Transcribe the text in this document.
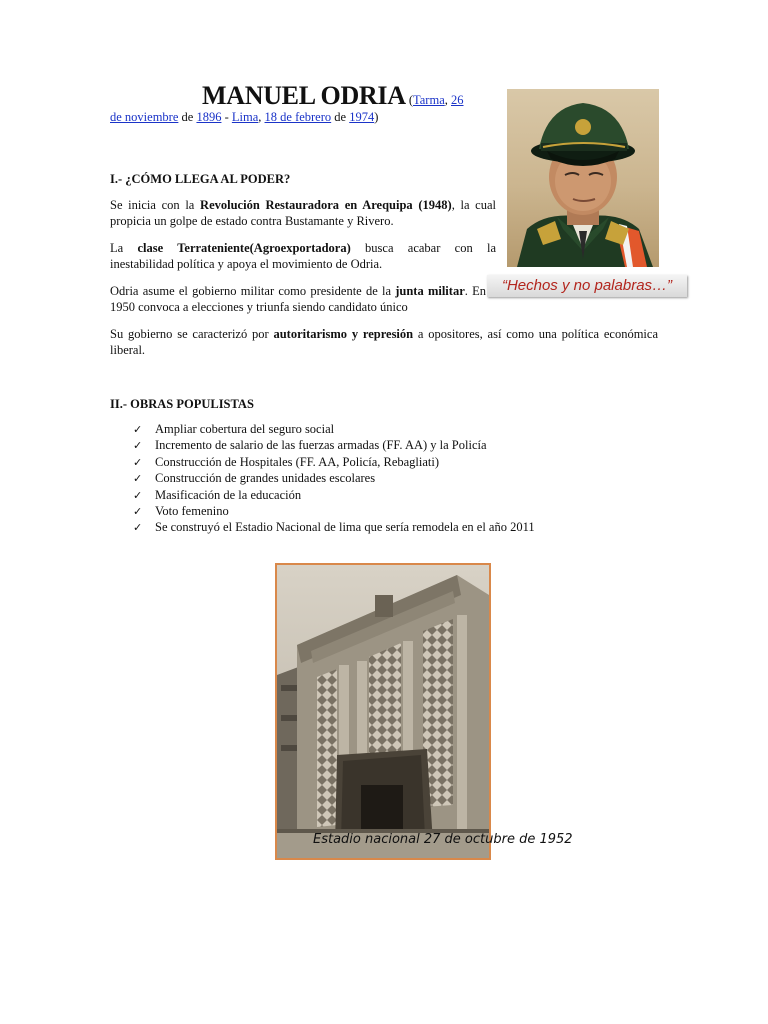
MANUEL ODRIA (Tarma, 26
de noviembre de 1896 - Lima, 18 de febrero de 1974)
“Hechos y no palabras…”
I.- ¿CÓMO LLEGA AL PODER?
Se inicia con la Revolución Restauradora en Arequipa (1948), la cual propicia un golpe de estado contra Bustamante y Rivero.
La clase Terrateniente(Agroexportadora) busca acabar con la inestabilidad política y apoya el movimiento de Odria.
Odria asume el gobierno militar como presidente de la junta militar. En 1950 convoca a elecciones y triunfa siendo candidato único
Su gobierno se caracterizó por autoritarismo y represión a opositores, así como una política económica liberal.
II.- OBRAS POPULISTAS
✓ Ampliar cobertura del seguro social
✓ Incremento de salario de las fuerzas armadas (FF. AA) y la Policía
✓ Construcción de Hospitales (FF. AA, Policía, Rebagliati)
✓ Construcción de grandes unidades escolares
✓ Masificación de la educación
✓ Voto femenino
✓ Se construyó el Estadio Nacional de lima que sería remodela en el año 2011
Estadio nacional 27 de octubre de 1952
